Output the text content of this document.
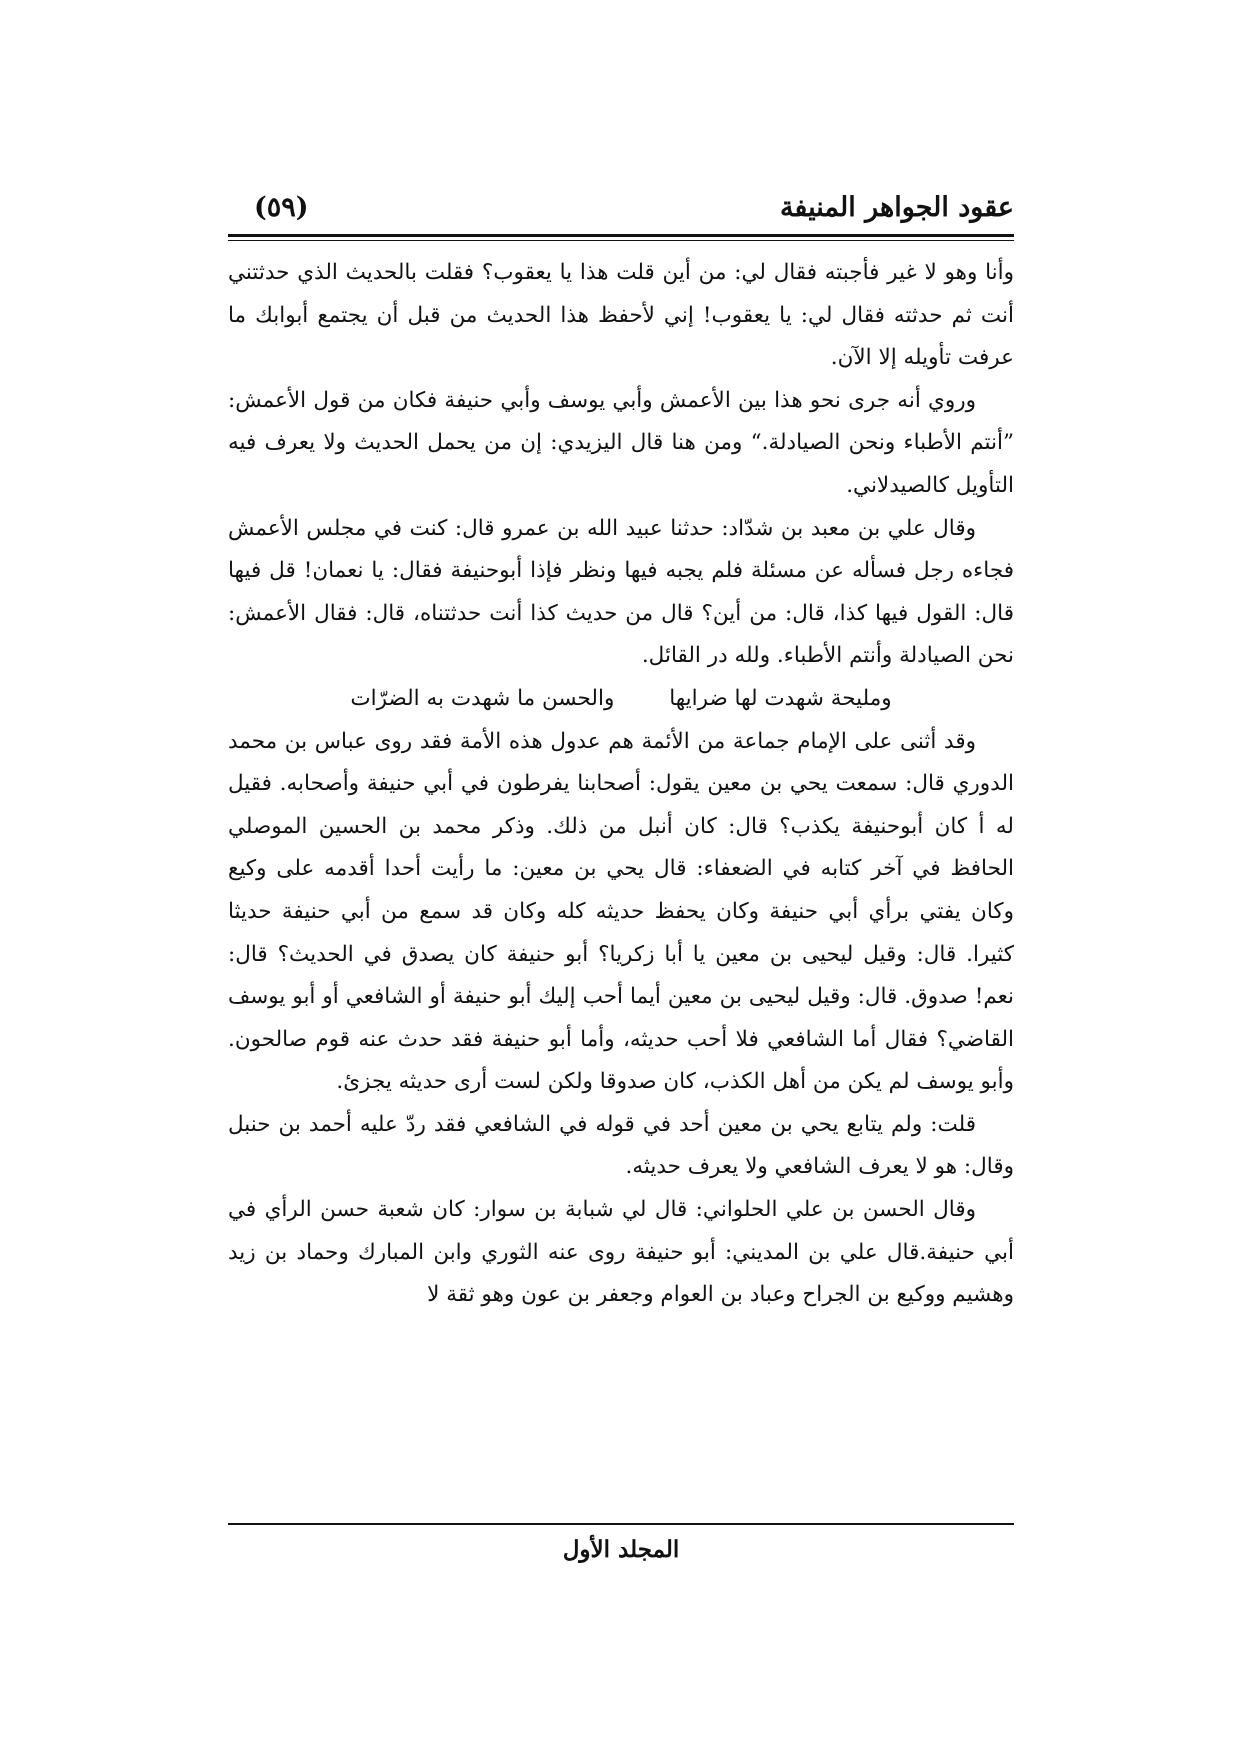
عقود الجواهر المنيفة
(٥٩)

وأنا وهو لا غير فأجبته فقال لي: من أين قلت هذا يا يعقوب؟ فقلت بالحديث الذي حدثتني أنت ثم حدثته فقال لي: يا يعقوب! إني لأحفظ هذا الحديث من قبل أن يجتمع أبوابك ما عرفت تأويله إلا الآن.

وروي أنه جرى نحو هذا بين الأعمش وأبي يوسف وأبي حنيفة فكان من قول الأعمش: ”أنتم الأطباء ونحن الصيادلة.“ ومن هنا قال اليزيدي: إن من يحمل الحديث ولا يعرف فيه التأويل كالصيدلاني.

وقال علي بن معبد بن شدّاد: حدثنا عبيد الله بن عمرو قال: كنت في مجلس الأعمش فجاءه رجل فسأله عن مسئلة فلم يجبه فيها ونظر فإذا أبوحنيفة فقال: يا نعمان! قل فيها قال: القول فيها كذا، قال: من أين؟ قال من حديث كذا أنت حدثتناه، قال: فقال الأعمش: نحن الصيادلة وأنتم الأطباء. ولله در القائل.

ومليحة شهدت لها ضرايها والحسن ما شهدت به الضرّات

وقد أثنى على الإمام جماعة من الأئمة هم عدول هذه الأمة فقد روى عباس بن محمد الدوري قال: سمعت يحي بن معين يقول: أصحابنا يفرطون في أبي حنيفة وأصحابه. فقيل له أ كان أبوحنيفة يكذب؟ قال: كان أنبل من ذلك. وذكر محمد بن الحسين الموصلي الحافظ في آخر كتابه في الضعفاء: قال يحي بن معين: ما رأيت أحدا أقدمه على وكيع وكان يفتي برأي أبي حنيفة وكان يحفظ حديثه كله وكان قد سمع من أبي حنيفة حديثا كثيرا. قال: وقيل ليحيى بن معين يا أبا زكريا؟ أبو حنيفة كان يصدق في الحديث؟ قال: نعم! صدوق. قال: وقيل ليحيى بن معين أيما أحب إليك أبو حنيفة أو الشافعي أو أبو يوسف القاضي؟ فقال أما الشافعي فلا أحب حديثه، وأما أبو حنيفة فقد حدث عنه قوم صالحون. وأبو يوسف لم يكن من أهل الكذب، كان صدوقا ولكن لست أرى حديثه يجزئ.

قلت: ولم يتابع يحي بن معين أحد في قوله في الشافعي فقد ردّ عليه أحمد بن حنبل وقال: هو لا يعرف الشافعي ولا يعرف حديثه.

وقال الحسن بن علي الحلواني: قال لي شبابة بن سوار: كان شعبة حسن الرأي في أبي حنيفة.قال علي بن المديني: أبو حنيفة روى عنه الثوري وابن المبارك وحماد بن زيد وهشيم ووكيع بن الجراح وعباد بن العوام وجعفر بن عون وهو ثقة لا

المجلد الأول
